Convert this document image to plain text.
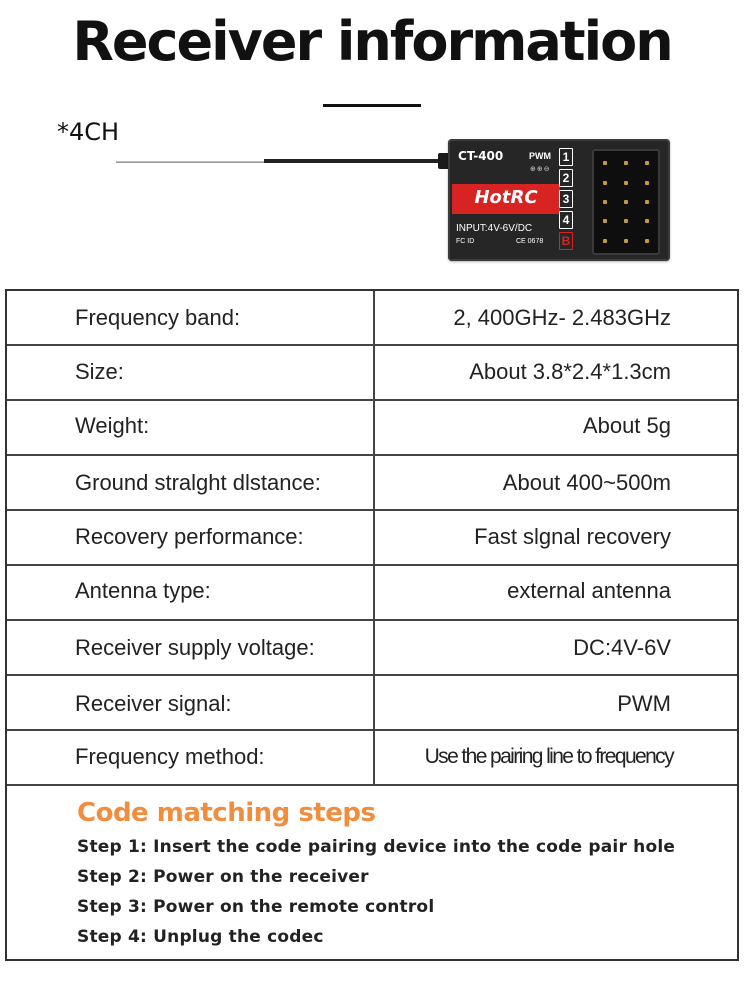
Receiver information
*4CH
CT-400	PWM
⊕⊕⊖
HotRC
INPUT:4V-6V/DC
FC ID	CE 0678
1
2
3
4
B
Frequency band:	2, 400GHz- 2.483GHz
Size:	About 3.8*2.4*1.3cm
Weight:	About 5g
Ground stralght dlstance:	About 400~500m
Recovery performance:	Fast slgnal recovery
Antenna type:	external antenna
Receiver supply voltage:	DC:4V-6V
Receiver signal:	PWM
Frequency method:	Use the pairing line to frequency
Code matching steps
Step 1: Insert the code pairing device into the code pair hole
Step 2: Power on the receiver
Step 3: Power on the remote control
Step 4: Unplug the codec
